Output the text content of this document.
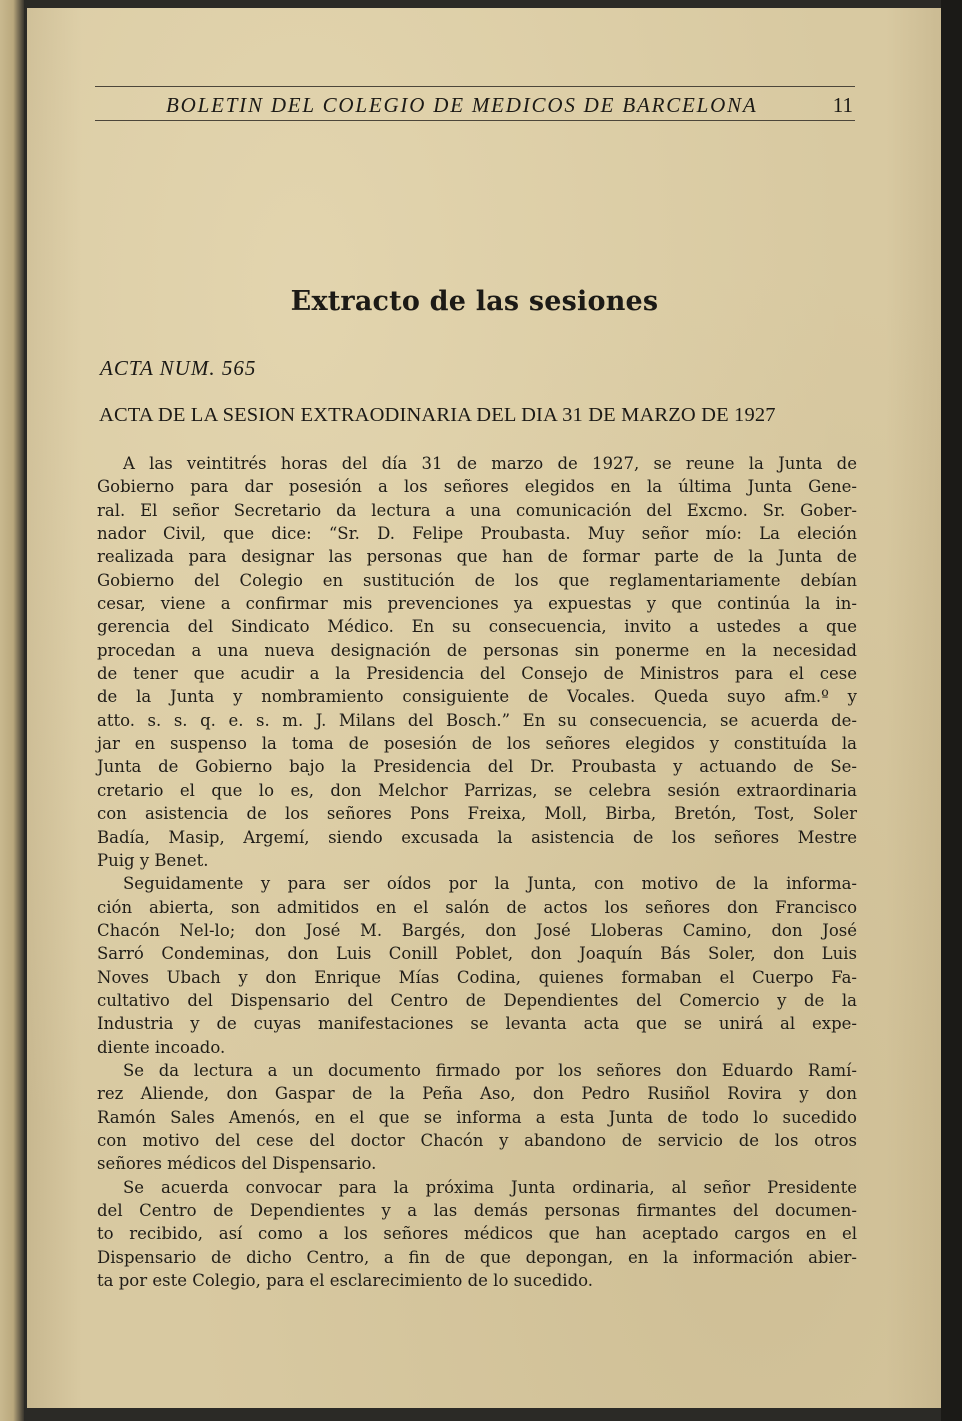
BOLETIN DEL COLEGIO DE MEDICOS DE BARCELONA	11
Extracto de las sesiones
ACTA NUM. 565
ACTA DE LA SESION EXTRAODINARIA DEL DIA 31 DE MARZO DE 1927
A las veintitrés horas del día 31 de marzo de 1927, se reune la Junta de
Gobierno para dar posesión a los señores elegidos en la última Junta Gene-
ral. El señor Secretario da lectura a una comunicación del Excmo. Sr. Gober-
nador Civil, que dice: “Sr. D. Felipe Proubasta. Muy señor mío: La eleción
realizada para designar las personas que han de formar parte de la Junta de
Gobierno del Colegio en sustitución de los que reglamentariamente debían
cesar, viene a confirmar mis prevenciones ya expuestas y que continúa la in-
gerencia del Sindicato Médico. En su consecuencia, invito a ustedes a que
procedan a una nueva designación de personas sin ponerme en la necesidad
de tener que acudir a la Presidencia del Consejo de Ministros para el cese
de la Junta y nombramiento consiguiente de Vocales. Queda suyo afm.º y
atto. s. s. q. e. s. m. J. Milans del Bosch.” En su consecuencia, se acuerda de-
jar en suspenso la toma de posesión de los señores elegidos y constituída la
Junta de Gobierno bajo la Presidencia del Dr. Proubasta y actuando de Se-
cretario el que lo es, don Melchor Parrizas, se celebra sesión extraordinaria
con asistencia de los señores Pons Freixa, Moll, Birba, Bretón, Tost, Soler
Badía, Masip, Argemí, siendo excusada la asistencia de los señores Mestre
Puig y Benet.
Seguidamente y para ser oídos por la Junta, con motivo de la informa-
ción abierta, son admitidos en el salón de actos los señores don Francisco
Chacón Nel-lo; don José M. Bargés, don José Lloberas Camino, don José
Sarró Condeminas, don Luis Conill Poblet, don Joaquín Bás Soler, don Luis
Noves Ubach y don Enrique Mías Codina, quienes formaban el Cuerpo Fa-
cultativo del Dispensario del Centro de Dependientes del Comercio y de la
Industria y de cuyas manifestaciones se levanta acta que se unirá al expe-
diente incoado.
Se da lectura a un documento firmado por los señores don Eduardo Ramí-
rez Aliende, don Gaspar de la Peña Aso, don Pedro Rusiñol Rovira y don
Ramón Sales Amenós, en el que se informa a esta Junta de todo lo sucedido
con motivo del cese del doctor Chacón y abandono de servicio de los otros
señores médicos del Dispensario.
Se acuerda convocar para la próxima Junta ordinaria, al señor Presidente
del Centro de Dependientes y a las demás personas firmantes del documen-
to recibido, así como a los señores médicos que han aceptado cargos en el
Dispensario de dicho Centro, a fin de que depongan, en la información abier-
ta por este Colegio, para el esclarecimiento de lo sucedido.
